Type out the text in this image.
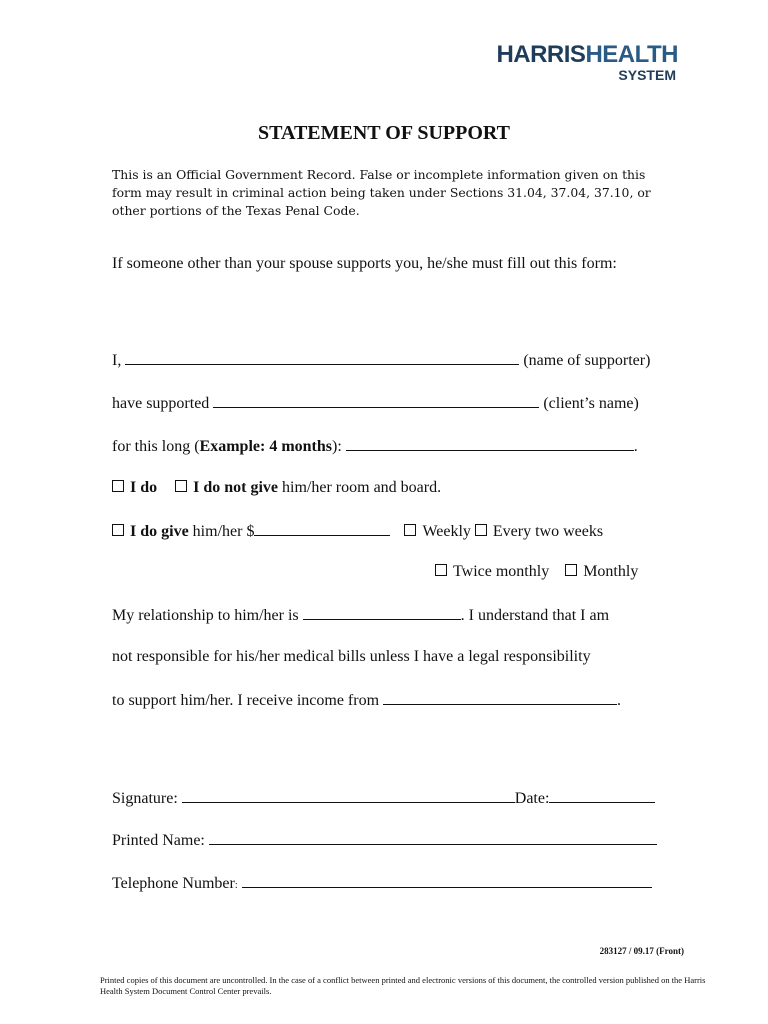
HARRISHEALTH
SYSTEM
STATEMENT OF SUPPORT
This is an Official Government Record. False or incomplete information given on this form may result in criminal action being taken under Sections 31.04, 37.04, 37.10, or other portions of the Texas Penal Code.
If someone other than your spouse supports you, he/she must fill out this form:
I,	(name of supporter)
have supported	(client’s name)
for this long (Example: 4 months):	.
I do I do not give him/her room and board.
I do give him/her $	Weekly Every two weeks
Twice monthly Monthly
My relationship to him/her is	. I understand that I am
not responsible for his/her medical bills unless I have a legal responsibility
to support him/her. I receive income from	.
Signature:	Date:
Printed Name:
Telephone Number:
283127 / 09.17 (Front)
Printed copies of this document are uncontrolled. In the case of a conflict between printed and electronic versions of this document, the controlled version published on the Harris Health System Document Control Center prevails.
